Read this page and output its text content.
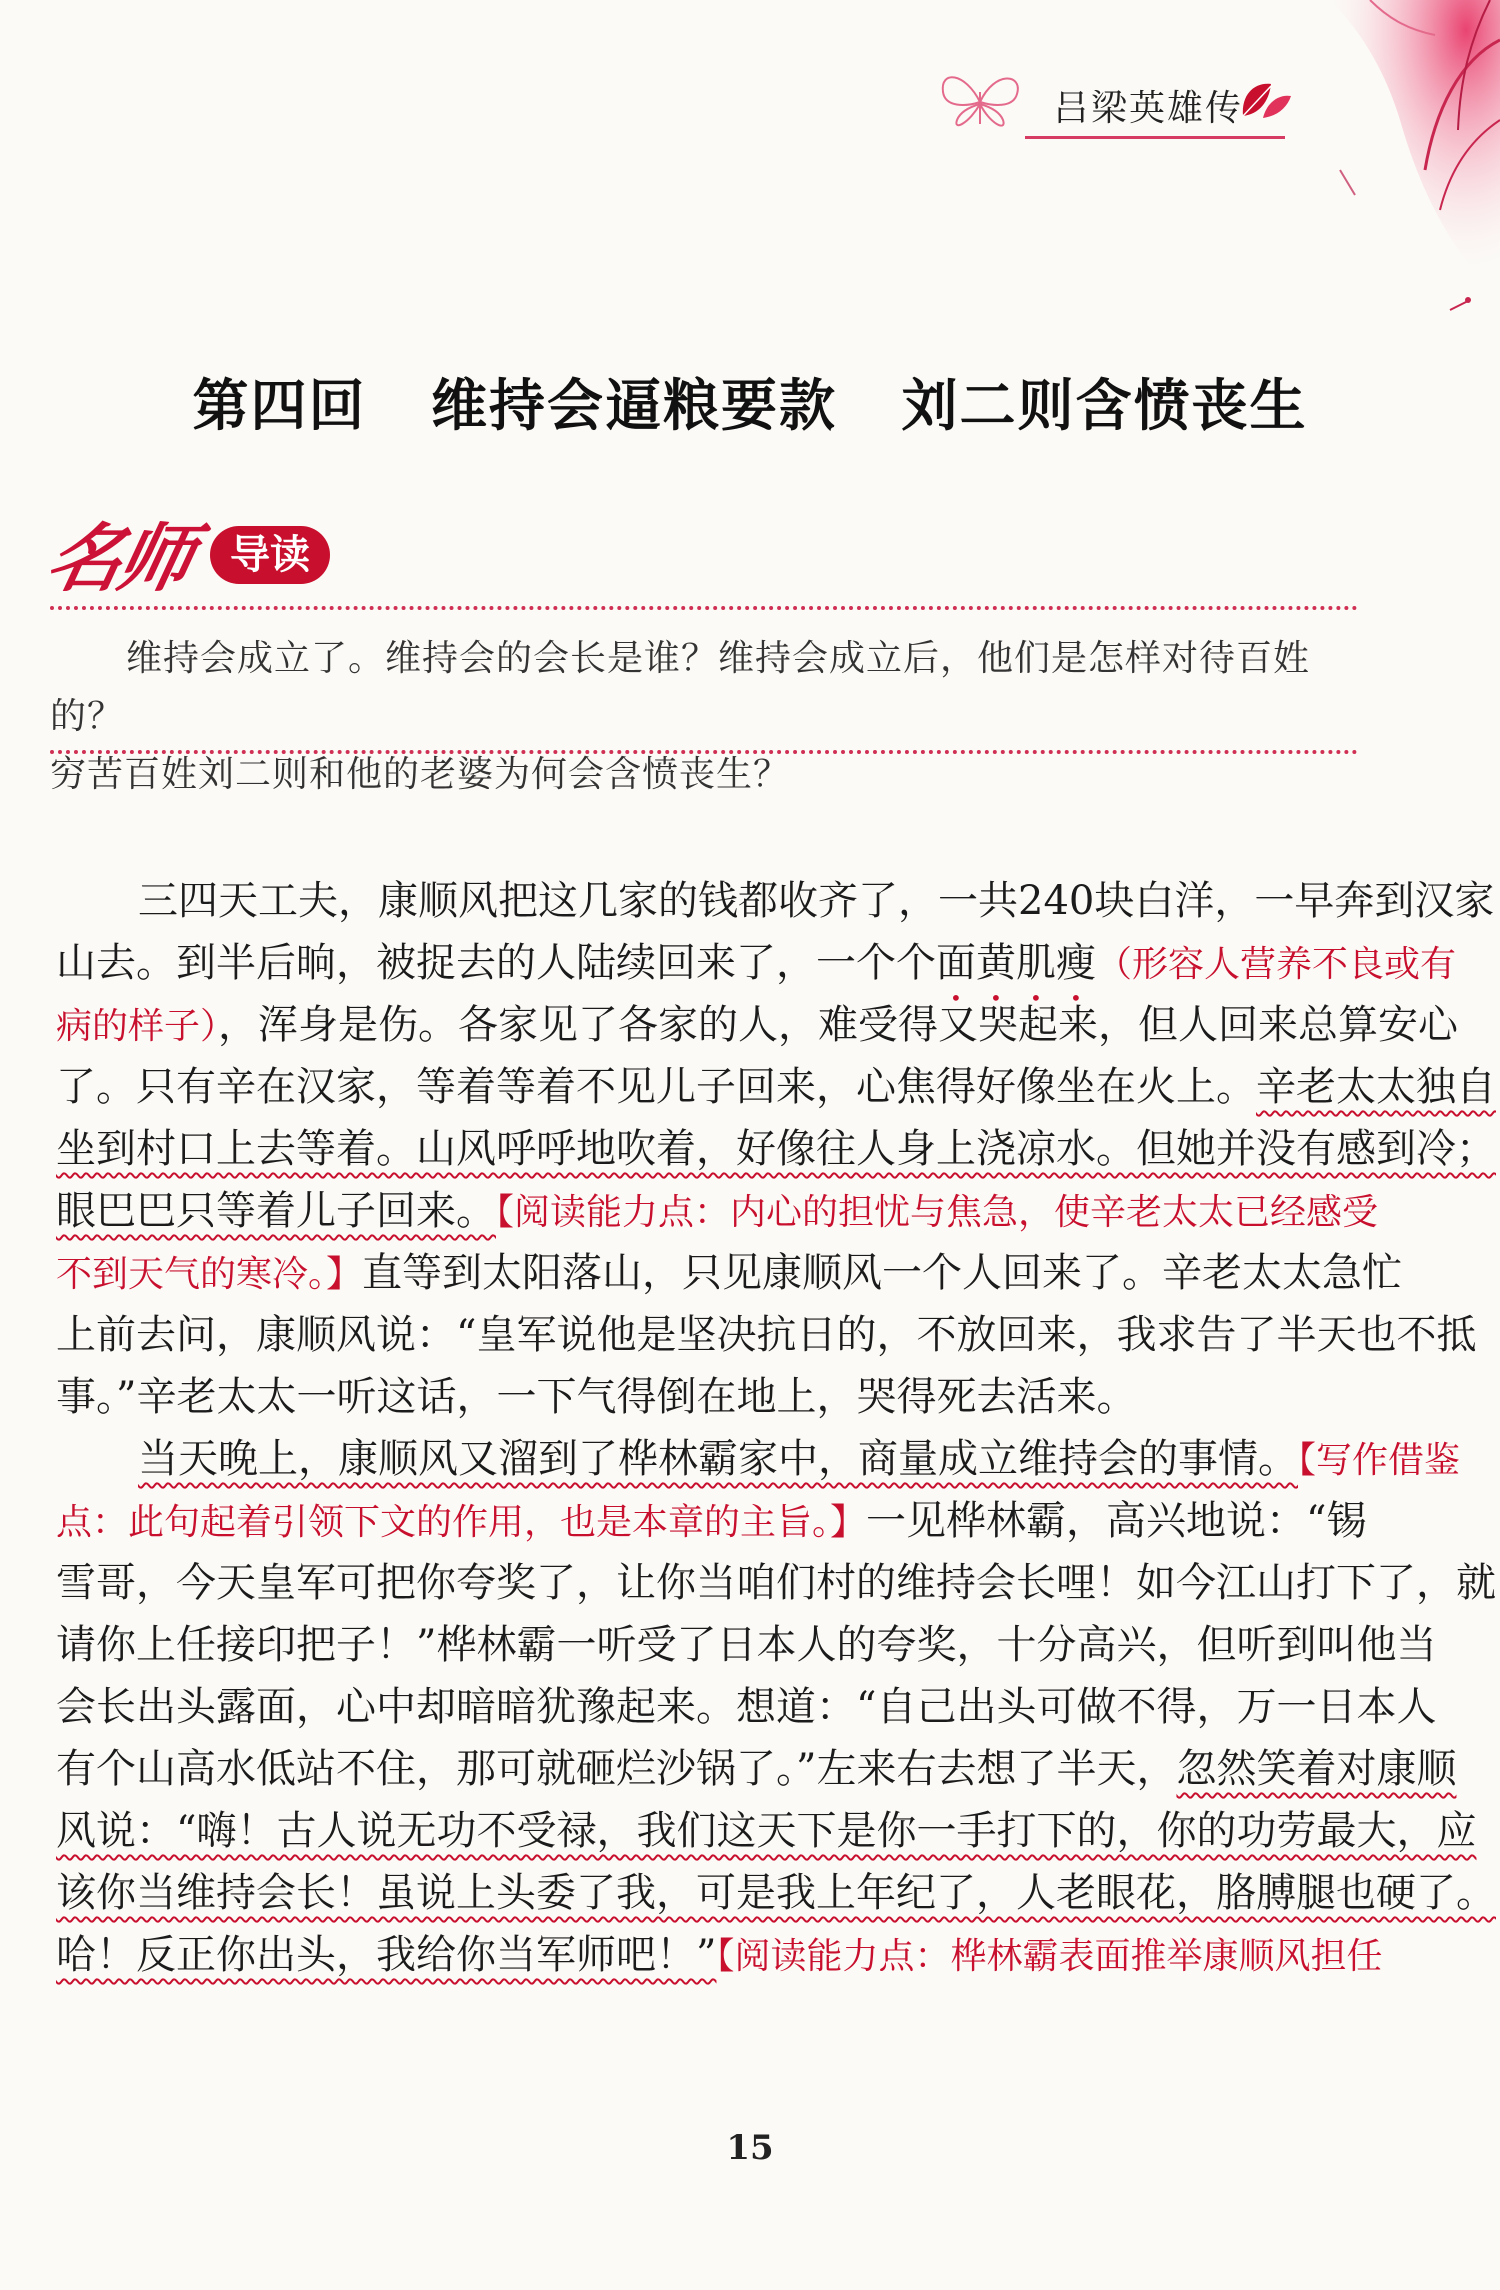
吕梁英雄传
第四回   维持会逼粮要款   刘二则含愤丧生
名师 导读

维持会成立了。维持会的会长是谁？维持会成立后，他们是怎样对待百姓的？

穷苦百姓刘二则和他的老婆为何会含愤丧生？

三四天工夫，康顺风把这几家的钱都收齐了，一共240块白洋，一早奔到汉家
山去。到半后晌，被捉去的人陆续回来了，一个个面黄肌瘦（形容人营养不良或有
病的样子），浑身是伤。各家见了各家的人，难受得又哭起来，但人回来总算安心
了。只有辛在汉家，等着等着不见儿子回来，心焦得好像坐在火上。辛老太太独自
坐到村口上去等着。山风呼呼地吹着，好像往人身上浇凉水。但她并没有感到冷；
眼巴巴只等着儿子回来。【阅读能力点：内心的担忧与焦急，使辛老太太已经感受
不到天气的寒冷。】直等到太阳落山，只见康顺风一个人回来了。辛老太太急忙
上前去问，康顺风说：“皇军说他是坚决抗日的，不放回来，我求告了半天也不抵
事。”辛老太太一听这话，一下气得倒在地上，哭得死去活来。
当天晚上，康顺风又溜到了桦林霸家中，商量成立维持会的事情。【写作借鉴
点：此句起着引领下文的作用，也是本章的主旨。】一见桦林霸，高兴地说：“锡
雪哥，今天皇军可把你夸奖了，让你当咱们村的维持会长哩！如今江山打下了，就
请你上任接印把子！”桦林霸一听受了日本人的夸奖，十分高兴，但听到叫他当
会长出头露面，心中却暗暗犹豫起来。想道：“自己出头可做不得，万一日本人
有个山高水低站不住，那可就砸烂沙锅了。”左来右去想了半天，忽然笑着对康顺
风说：“嗨！古人说无功不受禄，我们这天下是你一手打下的，你的功劳最大，应
该你当维持会长！虽说上头委了我，可是我上年纪了，人老眼花，胳膊腿也硬了。
哈！反正你出头，我给你当军师吧！”【阅读能力点：桦林霸表面推举康顺风担任
15
